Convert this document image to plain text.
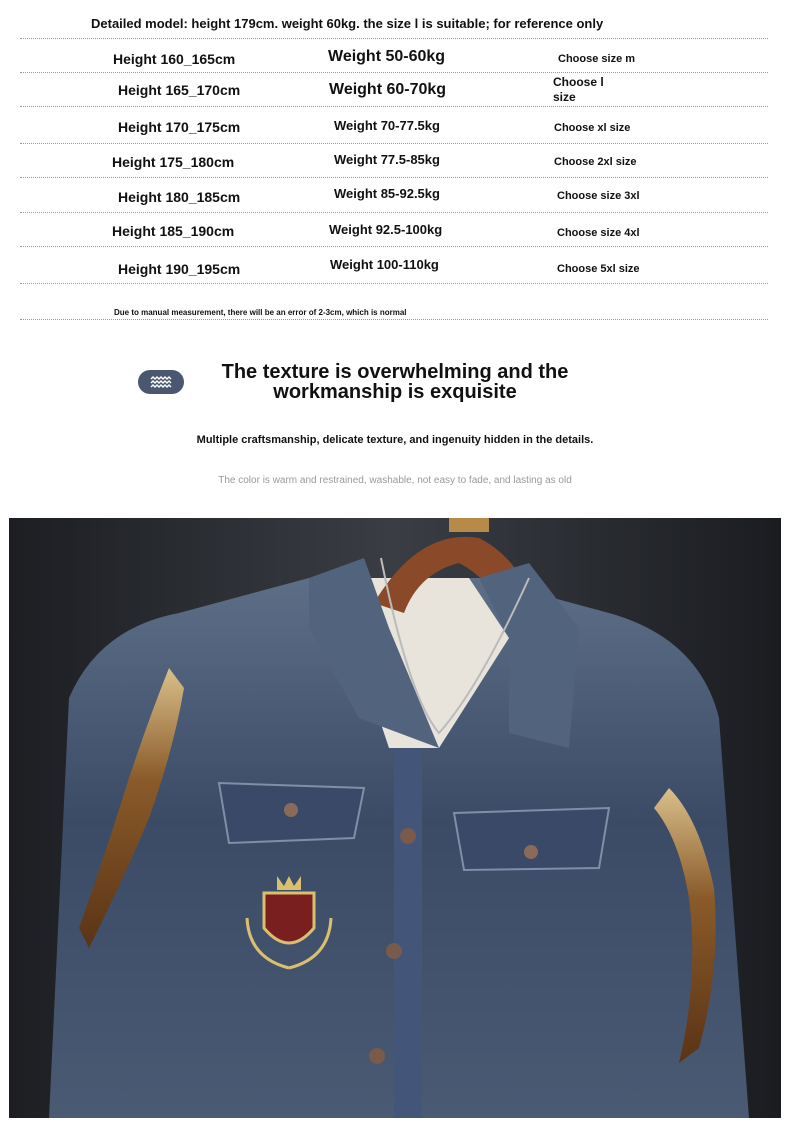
Detailed model: height 179cm. weight 60kg. the size l is suitable; for reference only
Height 160_165cm	Weight 50-60kg	Choose size m
Height 165_170cm	Weight 60-70kg	Choose l size
Height 170_175cm	Weight 70-77.5kg	Choose xl size
Height 175_180cm	Weight 77.5-85kg	Choose 2xl size
Height 180_185cm	Weight 85-92.5kg	Choose size 3xl
Height 185_190cm	Weight 92.5-100kg	Choose size 4xl
Height 190_195cm	Weight 100-110kg	Choose 5xl size
Due to manual measurement, there will be an error of 2-3cm, which is normal
The texture is overwhelming and the
workmanship is exquisite
Multiple craftsmanship, delicate texture, and ingenuity hidden in the details.
The color is warm and restrained, washable, not easy to fade, and lasting as old
